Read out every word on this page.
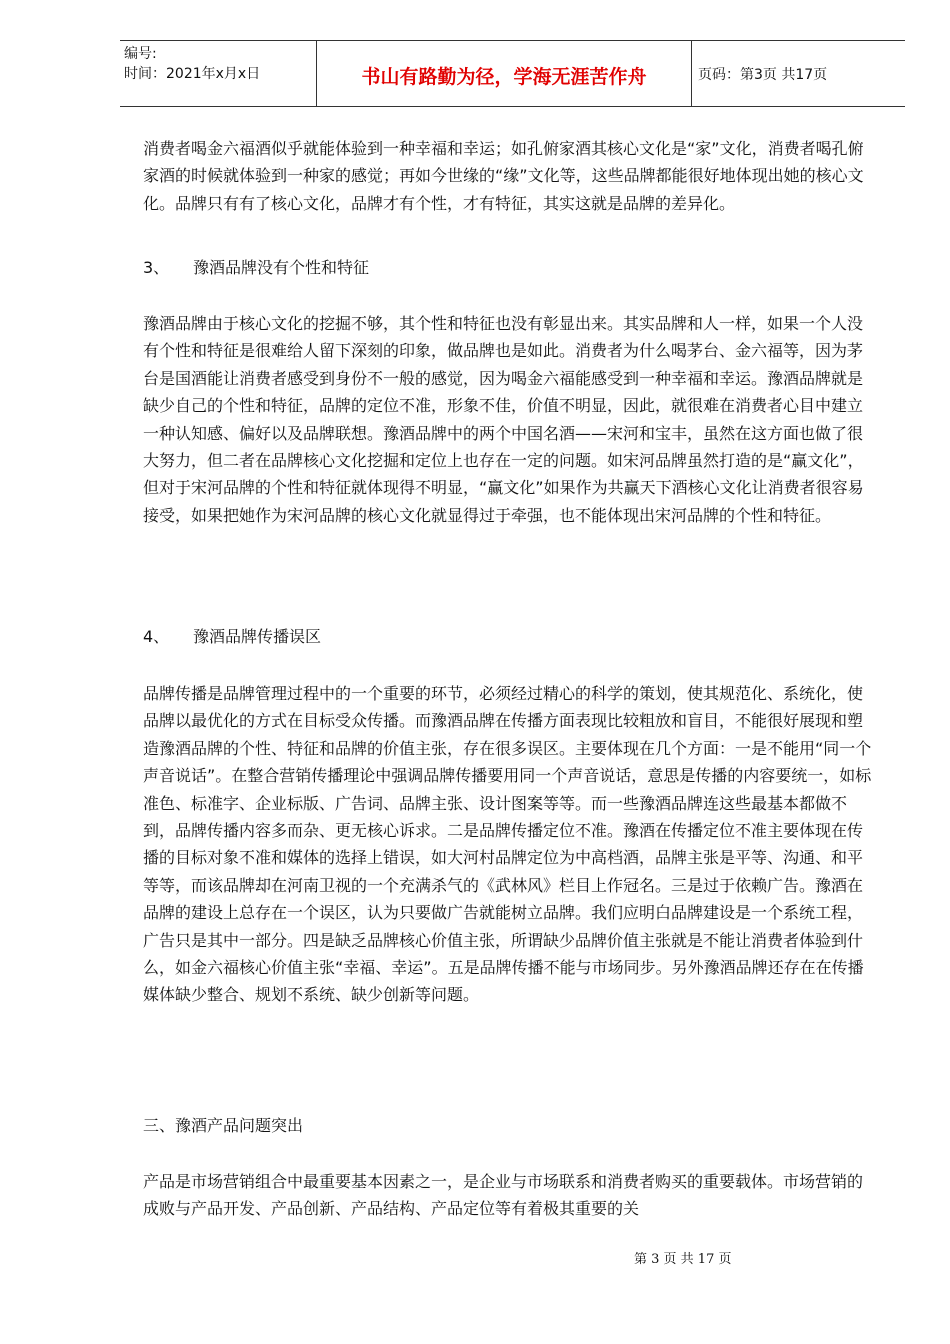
编号:
时间：2021年x月x日	书山有路勤为径，学海无涯苦作舟	页码：第3页 共17页
消费者喝金六福酒似乎就能体验到一种幸福和幸运；如孔俯家酒其核心文化是“家”文化，消费者喝孔俯家酒的时候就体验到一种家的感觉；再如今世缘的“缘”文化等，这些品牌都能很好地体现出她的核心文化。品牌只有有了核心文化，品牌才有个性，才有特征，其实这就是品牌的差异化。
3、 豫酒品牌没有个性和特征
豫酒品牌由于核心文化的挖掘不够，其个性和特征也没有彰显出来。其实品牌和人一样，如果一个人没有个性和特征是很难给人留下深刻的印象，做品牌也是如此。消费者为什么喝茅台、金六福等，因为茅台是国酒能让消费者感受到身份不一般的感觉，因为喝金六福能感受到一种幸福和幸运。豫酒品牌就是缺少自己的个性和特征，品牌的定位不准，形象不佳，价值不明显，因此，就很难在消费者心目中建立一种认知感、偏好以及品牌联想。豫酒品牌中的两个中国名酒——宋河和宝丰，虽然在这方面也做了很大努力，但二者在品牌核心文化挖掘和定位上也存在一定的问题。如宋河品牌虽然打造的是“赢文化”，但对于宋河品牌的个性和特征就体现得不明显，“赢文化”如果作为共赢天下酒核心文化让消费者很容易接受，如果把她作为宋河品牌的核心文化就显得过于牵强，也不能体现出宋河品牌的个性和特征。
4、 豫酒品牌传播误区
品牌传播是品牌管理过程中的一个重要的环节，必须经过精心的科学的策划，使其规范化、系统化，使品牌以最优化的方式在目标受众传播。而豫酒品牌在传播方面表现比较粗放和盲目，不能很好展现和塑造豫酒品牌的个性、特征和品牌的价值主张，存在很多误区。主要体现在几个方面：一是不能用“同一个声音说话”。在整合营销传播理论中强调品牌传播要用同一个声音说话，意思是传播的内容要统一，如标准色、标准字、企业标版、广告词、品牌主张、设计图案等等。而一些豫酒品牌连这些最基本都做不到，品牌传播内容多而杂、更无核心诉求。二是品牌传播定位不准。豫酒在传播定位不准主要体现在传播的目标对象不准和媒体的选择上错误，如大河村品牌定位为中高档酒，品牌主张是平等、沟通、和平等等，而该品牌却在河南卫视的一个充满杀气的《武林风》栏目上作冠名。三是过于依赖广告。豫酒在品牌的建设上总存在一个误区，认为只要做广告就能树立品牌。我们应明白品牌建设是一个系统工程，广告只是其中一部分。四是缺乏品牌核心价值主张，所谓缺少品牌价值主张就是不能让消费者体验到什么，如金六福核心价值主张“幸福、幸运”。五是品牌传播不能与市场同步。另外豫酒品牌还存在在传播媒体缺少整合、规划不系统、缺少创新等问题。
三、豫酒产品问题突出
产品是市场营销组合中最重要基本因素之一，是企业与市场联系和消费者购买的重要载体。市场营销的成败与产品开发、产品创新、产品结构、产品定位等有着极其重要的关
第 3 页 共 17 页
